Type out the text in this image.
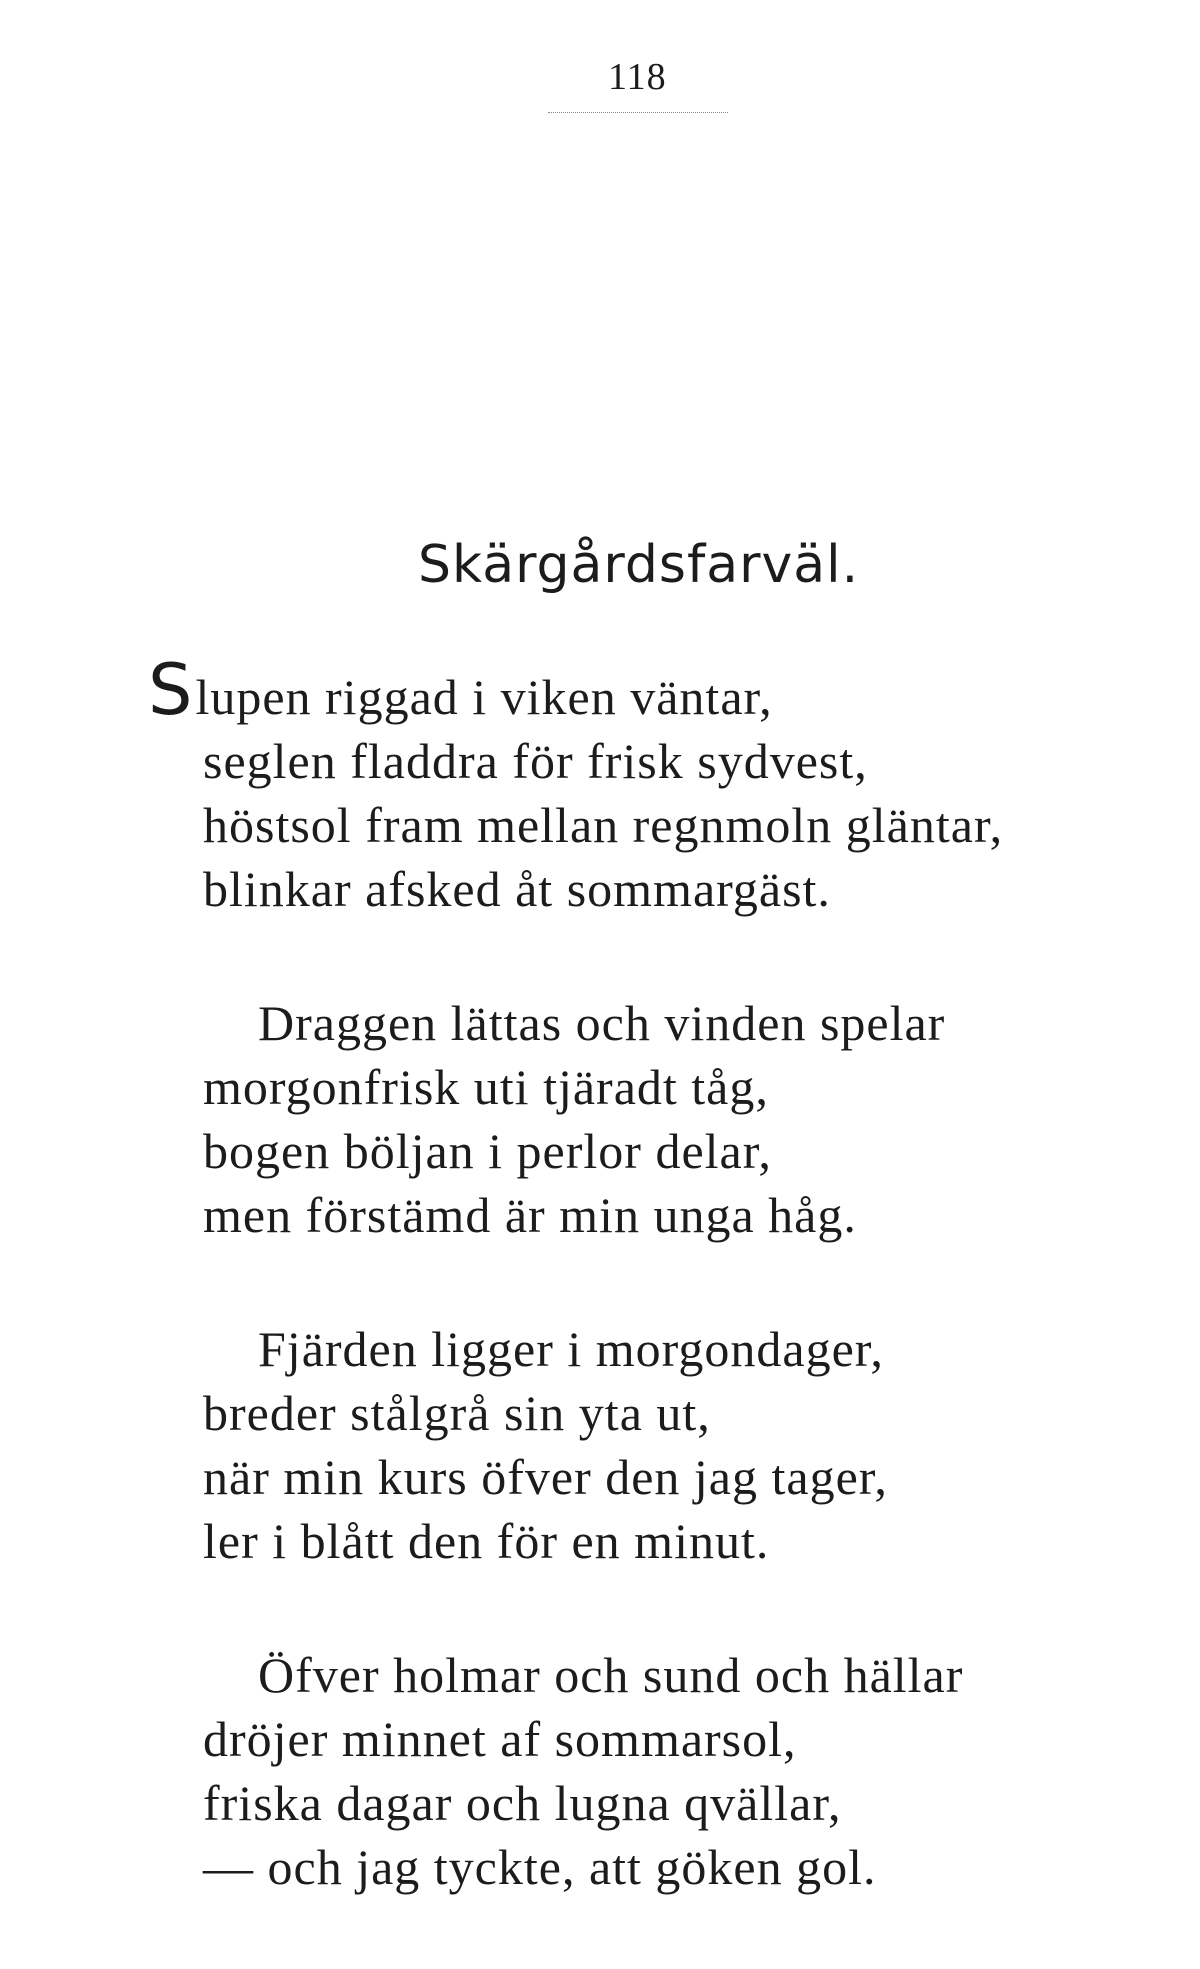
118
Skärgårdsfarväl.
Slupen riggad i viken väntar,
seglen fladdra för frisk sydvest,
höstsol fram mellan regnmoln gläntar,
blinkar afsked åt sommargäst.
Draggen lättas och vinden spelar
morgonfrisk uti tjäradt tåg,
bogen böljan i perlor delar,
men förstämd är min unga håg.
Fjärden ligger i morgondager,
breder stålgrå sin yta ut,
när min kurs öfver den jag tager,
ler i blått den för en minut.
Öfver holmar och sund och hällar
dröjer minnet af sommarsol,
friska dagar och lugna qvällar,
— och jag tyckte, att göken gol.
